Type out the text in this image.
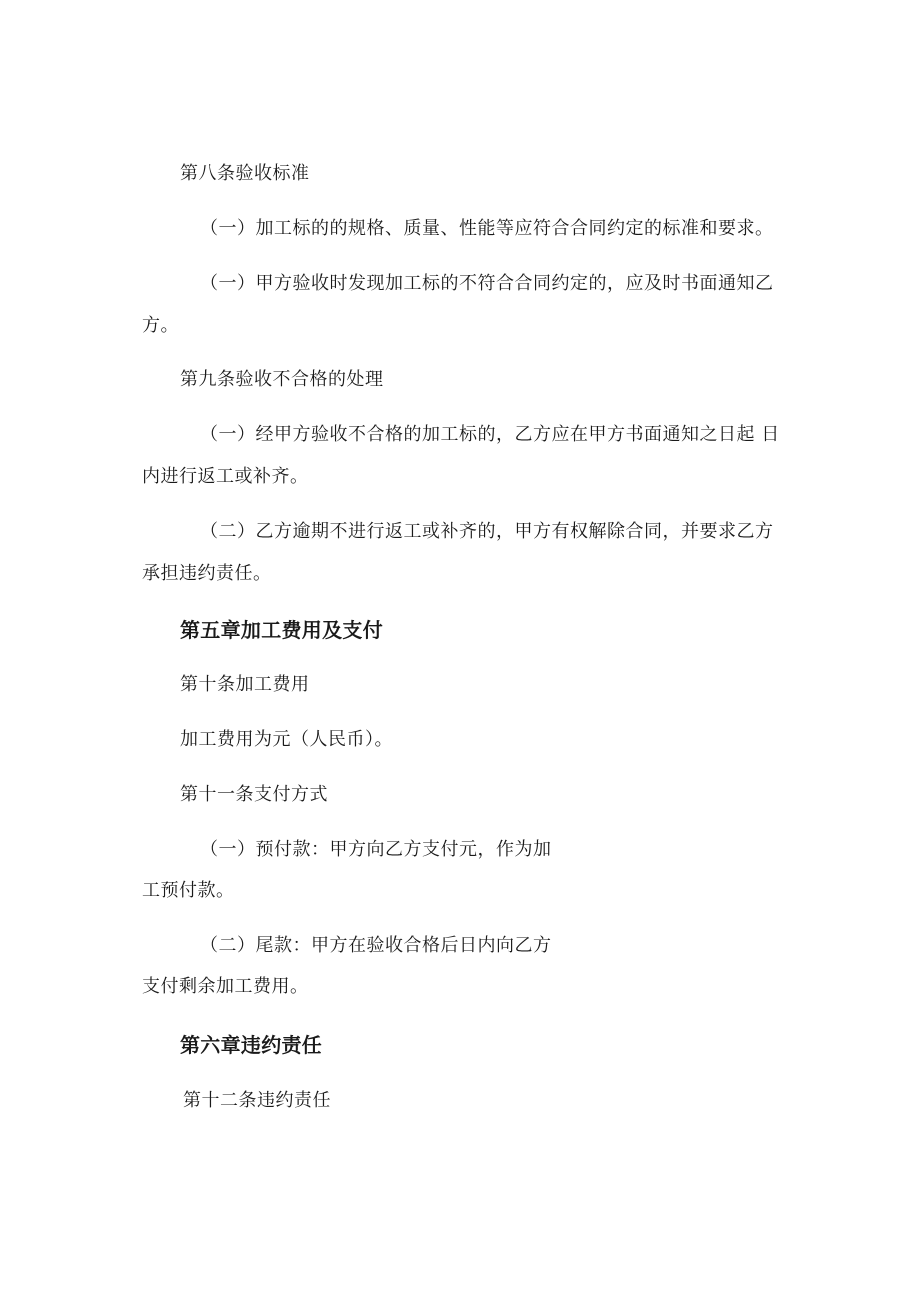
第八条验收标准
（一）加工标的的规格、质量、性能等应符合合同约定的标准和要求。
（一）甲方验收时发现加工标的不符合合同约定的，应及时书面通知乙
方。
第九条验收不合格的处理
（一）经甲方验收不合格的加工标的，乙方应在甲方书面通知之日起 日
内进行返工或补齐。
（二）乙方逾期不进行返工或补齐的，甲方有权解除合同，并要求乙方
承担违约责任。
第五章加工费用及支付
第十条加工费用
加工费用为元（人民币）。
第十一条支付方式
（一）预付款：甲方向乙方支付元，作为加
工预付款。
（二）尾款：甲方在验收合格后日内向乙方
支付剩余加工费用。
第六章违约责任
第十二条违约责任
